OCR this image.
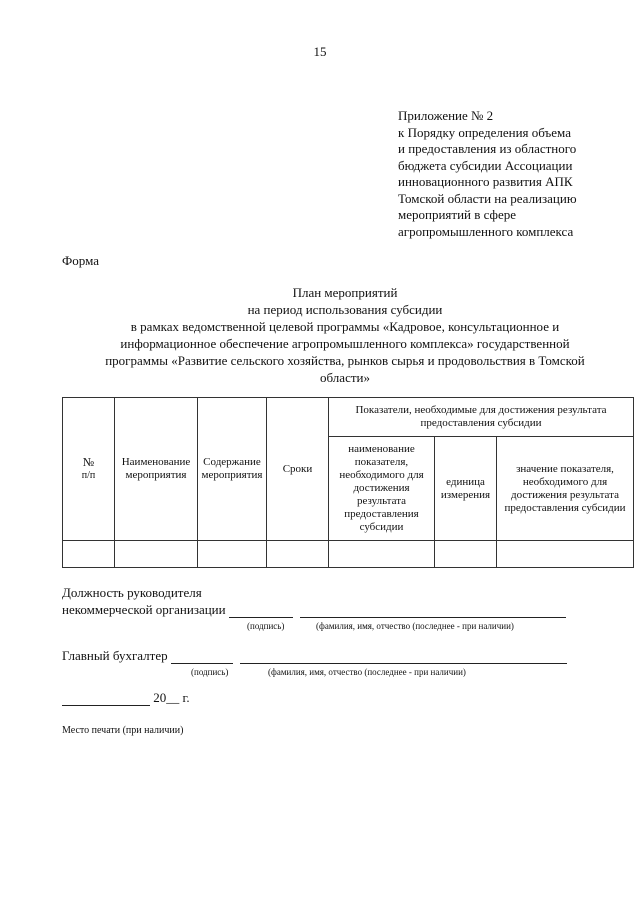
15
Приложение № 2
к Порядку определения объема
и предоставления из областного
бюджета субсидии Ассоциации
инновационного развития АПК
Томской области на реализацию
мероприятий в сфере
агропромышленного комплекса
Форма
План мероприятий
на период использования субсидии
в рамках ведомственной целевой программы «Кадровое, консультационное и
информационное обеспечение агропромышленного комплекса» государственной
программы «Развитие сельского хозяйства, рынков сырья и продовольствия в Томской
области»
№
п/п	Наименование мероприятия	Содержание мероприятия	Сроки	Показатели, необходимые для достижения результата предоставления субсидии		
				наименование показателя, необходимого для достижения результата предоставления субсидии	единица измерения	значение показателя, необходимого для достижения результата предоставления субсидии

Должность руководителя
некоммерческой организации
(подпись)	(фамилия, имя, отчество (последнее - при наличии)
Главный бухгалтер
(подпись)	(фамилия, имя, отчество (последнее - при наличии)
20__ г.
Место печати (при наличии)
